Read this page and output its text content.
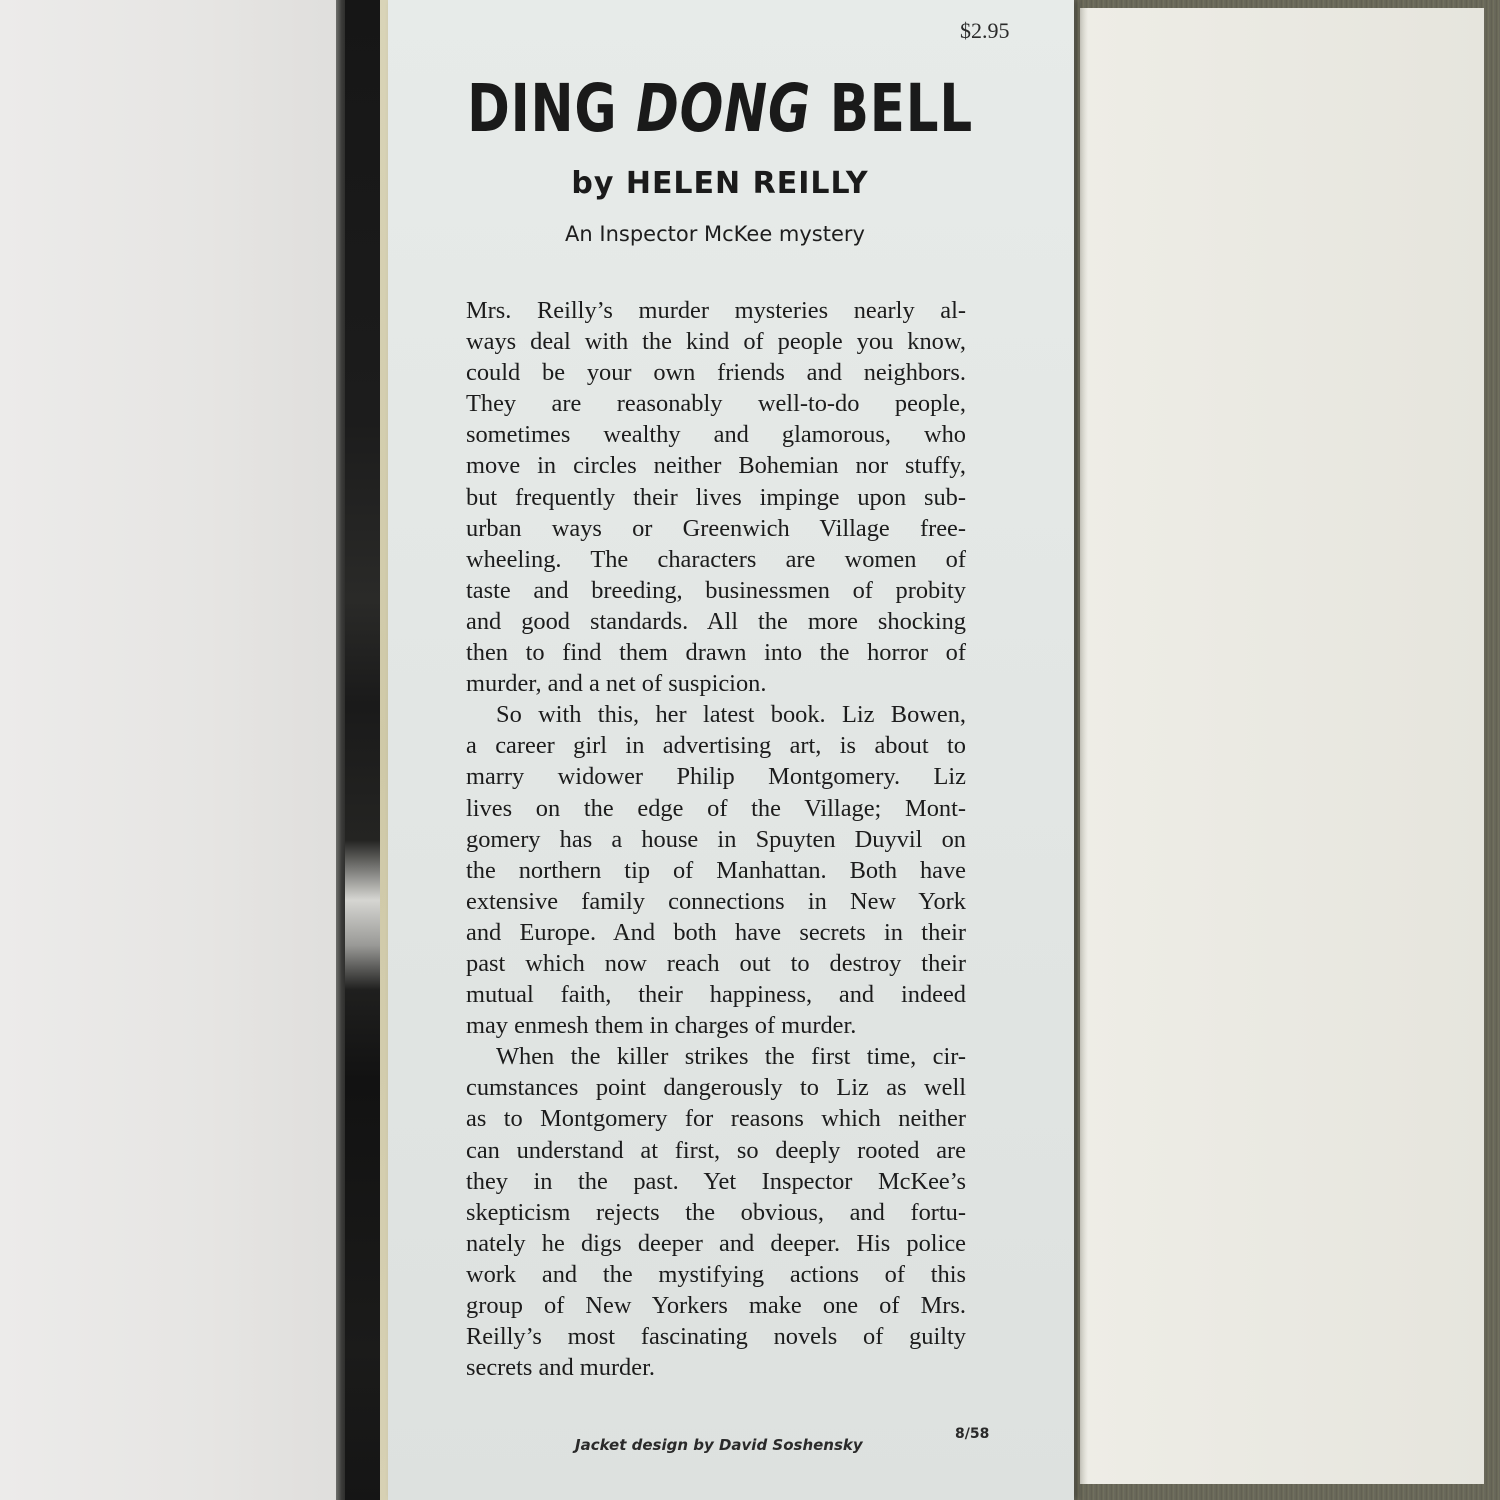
$2.95
DING DONG BELL
by HELEN REILLY
An Inspector McKee mystery
Mrs. Reilly’s murder mysteries nearly al-
ways deal with the kind of people you know,
could be your own friends and neighbors.
They are reasonably well-to-do people,
sometimes wealthy and glamorous, who
move in circles neither Bohemian nor stuffy,
but frequently their lives impinge upon sub-
urban ways or Greenwich Village free-
wheeling. The characters are women of
taste and breeding, businessmen of probity
and good standards. All the more shocking
then to find them drawn into the horror of
murder, and a net of suspicion.
So with this, her latest book. Liz Bowen,
a career girl in advertising art, is about to
marry widower Philip Montgomery. Liz
lives on the edge of the Village; Mont-
gomery has a house in Spuyten Duyvil on
the northern tip of Manhattan. Both have
extensive family connections in New York
and Europe. And both have secrets in their
past which now reach out to destroy their
mutual faith, their happiness, and indeed
may enmesh them in charges of murder.
When the killer strikes the first time, cir-
cumstances point dangerously to Liz as well
as to Montgomery for reasons which neither
can understand at first, so deeply rooted are
they in the past. Yet Inspector McKee’s
skepticism rejects the obvious, and fortu-
nately he digs deeper and deeper. His police
work and the mystifying actions of this
group of New Yorkers make one of Mrs.
Reilly’s most fascinating novels of guilty
secrets and murder.
Jacket design by David Soshensky
8/58
